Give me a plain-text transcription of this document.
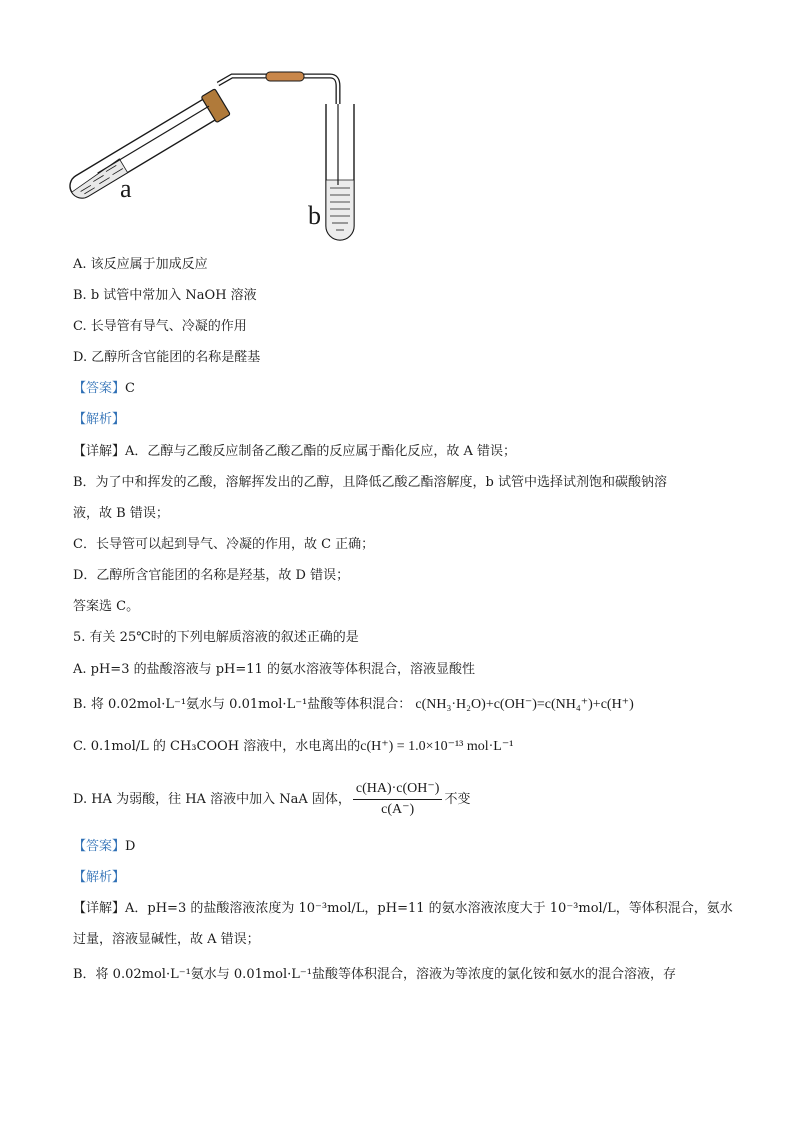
a
b
A. 该反应属于加成反应
B. b 试管中常加入 NaOH 溶液
C. 长导管有导气、冷凝的作用
D. 乙醇所含官能团的名称是醛基
【答案】C
【解析】
【详解】A．乙醇与乙酸反应制备乙酸乙酯的反应属于酯化反应，故 A 错误；
B．为了中和挥发的乙酸，溶解挥发出的乙醇，且降低乙酸乙酯溶解度，b 试管中选择试剂饱和碳酸钠溶
液，故 B 错误；
C．长导管可以起到导气、冷凝的作用，故 C 正确；
D．乙醇所含官能团的名称是羟基，故 D 错误；
答案选 C。
5. 有关 25℃时的下列电解质溶液的叙述正确的是
A. pH=3 的盐酸溶液与 pH=11 的氨水溶液等体积混合，溶液显酸性
B. 将 0.02mol·L⁻¹氨水与 0.01mol·L⁻¹盐酸等体积混合： c(NH₃·H₂O)+c(OH⁻)=c(NH₄⁺)+c(H⁺)
C. 0.1mol/L 的 CH₃COOH 溶液中，水电离出的c(H⁺) = 1.0×10⁻¹³ mol·L⁻¹
D. HA 为弱酸，往 HA 溶液中加入 NaA 固体， $\frac{c(HA)\cdot c(OH^-)}{c(A^-)}$ 不变
【答案】D
【解析】
【详解】A．pH=3 的盐酸溶液浓度为 10⁻³mol/L，pH=11 的氨水溶液浓度大于 10⁻³mol/L，等体积混合，氨水
过量，溶液显碱性，故 A 错误；
B．将 0.02mol·L⁻¹氨水与 0.01mol·L⁻¹盐酸等体积混合，溶液为等浓度的氯化铵和氨水的混合溶液，存
